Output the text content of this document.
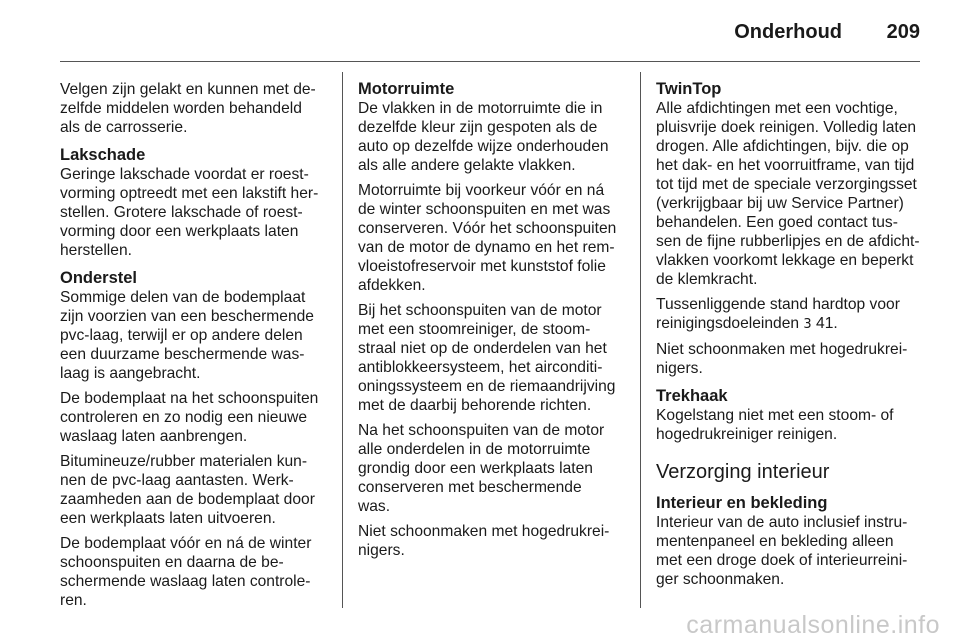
Onderhoud 209
Velgen zijn gelakt en kunnen met de-
zelfde middelen worden behandeld
als de carrosserie.
Lakschade
Geringe lakschade voordat er roest-
vorming optreedt met een lakstift her-
stellen. Grotere lakschade of roest-
vorming door een werkplaats laten
herstellen.
Onderstel
Sommige delen van de bodemplaat
zijn voorzien van een beschermende
pvc-laag, terwijl er op andere delen
een duurzame beschermende was-
laag is aangebracht.
De bodemplaat na het schoonspuiten
controleren en zo nodig een nieuwe
waslaag laten aanbrengen.
Bitumineuze/rubber materialen kun-
nen de pvc-laag aantasten. Werk-
zaamheden aan de bodemplaat door
een werkplaats laten uitvoeren.
De bodemplaat vóór en ná de winter
schoonspuiten en daarna de be-
schermende waslaag laten controle-
ren.
Motorruimte
De vlakken in de motorruimte die in
dezelfde kleur zijn gespoten als de
auto op dezelfde wijze onderhouden
als alle andere gelakte vlakken.
Motorruimte bij voorkeur vóór en ná
de winter schoonspuiten en met was
conserveren. Vóór het schoonspuiten
van de motor de dynamo en het rem-
vloeistofreservoir met kunststof folie
afdekken.
Bij het schoonspuiten van de motor
met een stoomreiniger, de stoom-
straal niet op de onderdelen van het
antiblokkeersysteem, het airconditi-
oningssysteem en de riemaandrijving
met de daarbij behorende richten.
Na het schoonspuiten van de motor
alle onderdelen in de motorruimte
grondig door een werkplaats laten
conserveren met beschermende
was.
Niet schoonmaken met hogedrukrei-
nigers.
TwinTop
Alle afdichtingen met een vochtige,
pluisvrije doek reinigen. Volledig laten
drogen. Alle afdichtingen, bijv. die op
het dak- en het voorruitframe, van tijd
tot tijd met de speciale verzorgingsset
(verkrijgbaar bij uw Service Partner)
behandelen. Een goed contact tus-
sen de fijne rubberlipjes en de afdicht-
vlakken voorkomt lekkage en beperkt
de klemkracht.
Tussenliggende stand hardtop voor
reinigingsdoeleinden 3 41.
Niet schoonmaken met hogedrukrei-
nigers.
Trekhaak
Kogelstang niet met een stoom- of
hogedrukreiniger reinigen.
Verzorging interieur
Interieur en bekleding
Interieur van de auto inclusief instru-
mentenpaneel en bekleding alleen
met een droge doek of interieurreini-
ger schoonmaken.
carmanualsonline.info
